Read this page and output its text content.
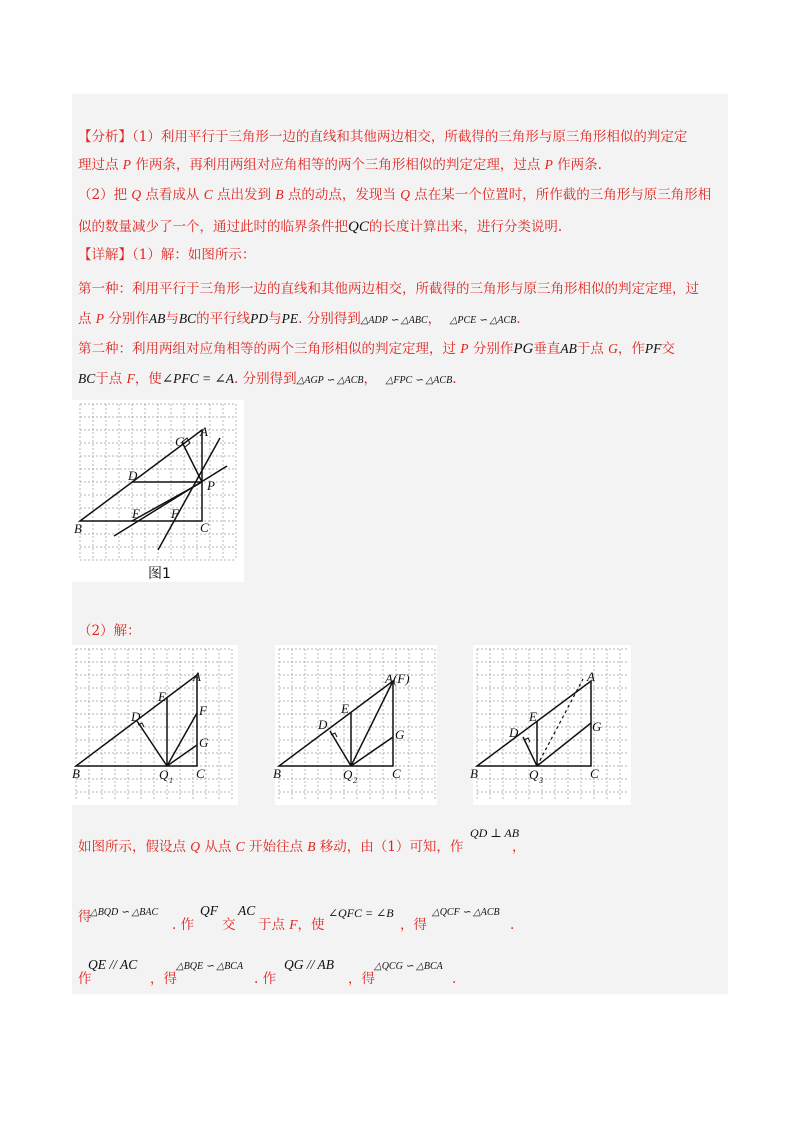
【分析】（1）利用平行于三角形一边的直线和其他两边相交，所截得的三角形与原三角形相似的判定定
理过点 P 作两条，再利用两组对应角相等的两个三角形相似的判定定理，过点 P 作两条.
（2）把 Q 点看成从 C 点出发到 B 点的动点，发现当 Q 点在某一个位置时，所作截的三角形与原三角形相
似的数量减少了一个，通过此时的临界条件把QC的长度计算出来，进行分类说明.
【详解】（1）解：如图所示：
第一种：利用平行于三角形一边的直线和其他两边相交，所截得的三角形与原三角形相似的判定定理，过
点 P 分别作AB与BC的平行线PD与PE. 分别得到△ADP ∽ △ABC， △PCE ∽ △ACB.
第二种：利用两组对应角相等的两个三角形相似的判定定理，过 P 分别作PG垂直AB于点 G，作PF交
BC于点 F，使∠PFC = ∠A. 分别得到△AGP ∽ △ACB， △FPC ∽ △ACB.
A
B	C
D
E F
G
P
图1
（2）解：
A
B	C
D
E
F
G
Q 1
A(F)
B	C
D
E
G
Q 2
A
B	C
D
E
G
Q 3
QD ⊥ AB
如图所示，假设点 Q 从点 C 开始往点 B 移动，由（1）可知，作	，
得
△BQD ∽ △BAC
. 作
QF
交
AC
于点 F，使
∠QFC = ∠B
，得
△QCF ∽ △ACB
.
作
QE // AC
，得
△BQE ∽ △BCA
. 作
QG // AB
，得
△QCG ∽ △BCA
.
